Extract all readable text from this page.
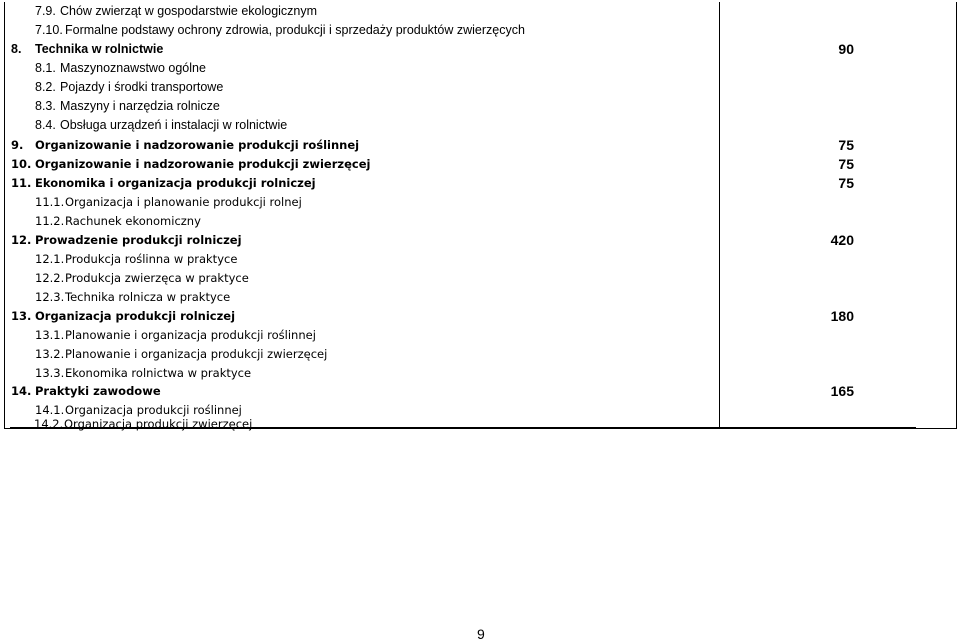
7.9. Chów zwierząt w gospodarstwie ekologicznym
7.10. Formalne podstawy ochrony zdrowia, produkcji i sprzedaży produktów zwierzęcych
8. Technika w rolnictwie	90
8.1. Maszynoznawstwo ogólne
8.2. Pojazdy i środki transportowe
8.3. Maszyny i narzędzia rolnicze
8.4. Obsługa urządzeń i instalacji w rolnictwie
9. Organizowanie i nadzorowanie produkcji roślinnej	75
10. Organizowanie i nadzorowanie produkcji zwierzęcej	75
11. Ekonomika i organizacja produkcji rolniczej	75
11.1. Organizacja i planowanie produkcji rolnej
11.2. Rachunek ekonomiczny
12. Prowadzenie produkcji rolniczej	420
12.1. Produkcja roślinna w praktyce
12.2. Produkcja zwierzęca w praktyce
12.3. Technika rolnicza w praktyce
13. Organizacja produkcji rolniczej	180
13.1. Planowanie i organizacja produkcji roślinnej
13.2. Planowanie i organizacja produkcji zwierzęcej
13.3. Ekonomika rolnictwa w praktyce
14. Praktyki zawodowe	165
14.1. Organizacja produkcji roślinnej
14.2. Organizacja produkcji zwierzęcej
9
